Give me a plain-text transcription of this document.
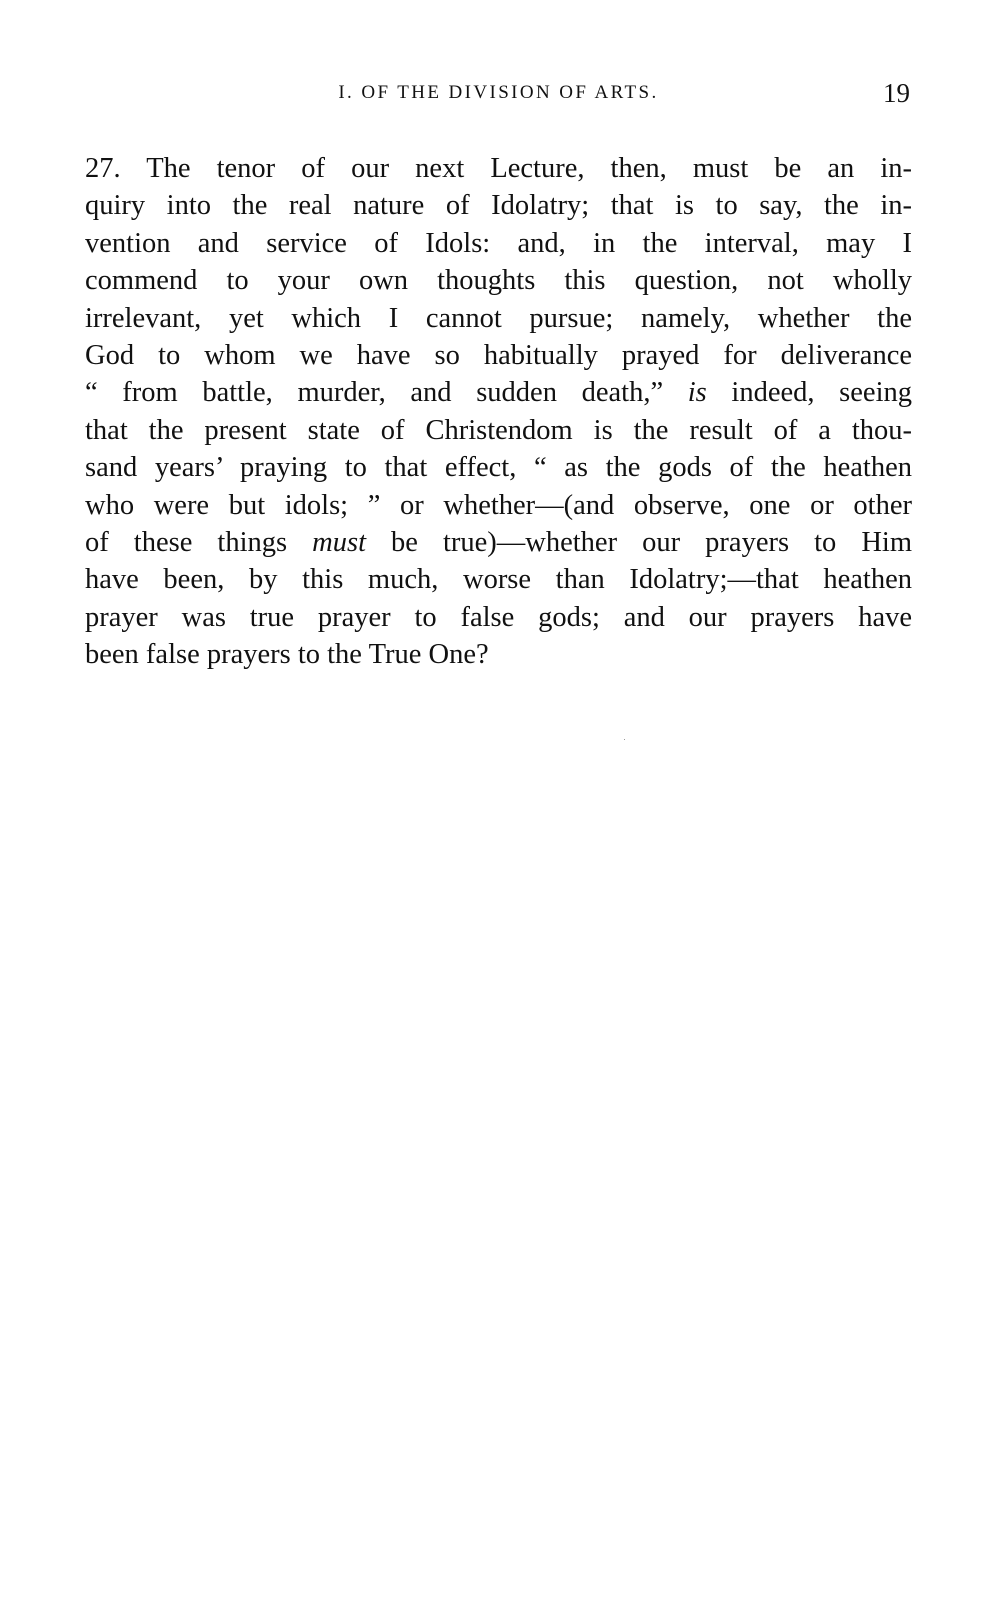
I. OF THE DIVISION OF ARTS.	19
27. The tenor of our next Lecture, then, must be an in-
quiry into the real nature of Idolatry; that is to say, the in-
vention and service of Idols: and, in the interval, may I
commend to your own thoughts this question, not wholly
irrelevant, yet which I cannot pursue; namely, whether the
God to whom we have so habitually prayed for deliverance
“ from battle, murder, and sudden death,” is indeed, seeing
that the present state of Christendom is the result of a thou-
sand years’ praying to that effect, “ as the gods of the heathen
who were but idols; ” or whether—(and observe, one or other
of these things must be true)—whether our prayers to Him
have been, by this much, worse than Idolatry;—that heathen
prayer was true prayer to false gods; and our prayers have
been false prayers to the True One?
